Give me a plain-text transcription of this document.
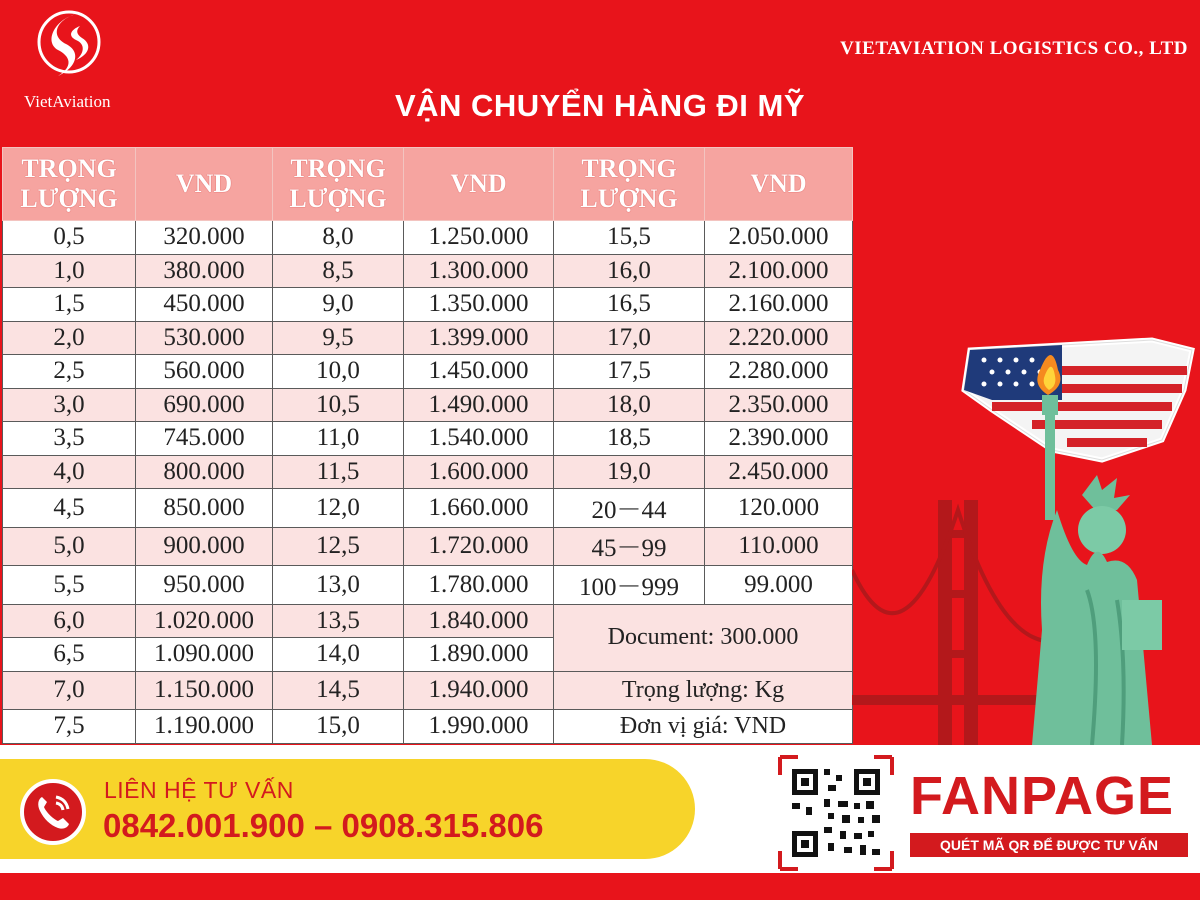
VietAviation
VIETAVIATION LOGISTICS CO., LTD
VẬN CHUYỂN HÀNG ĐI MỸ
TRỌNG LƯỢNG	VND	TRỌNG LƯỢNG	VND	TRỌNG LƯỢNG	VND
0,5	320.000	8,0	1.250.000	15,5	2.050.000
1,0	380.000	8,5	1.300.000	16,0	2.100.000
1,5	450.000	9,0	1.350.000	16,5	2.160.000
2,0	530.000	9,5	1.399.000	17,0	2.220.000
2,5	560.000	10,0	1.450.000	17,5	2.280.000
3,0	690.000	10,5	1.490.000	18,0	2.350.000
3,5	745.000	11,0	1.540.000	18,5	2.390.000
4,0	800.000	11,5	1.600.000	19,0	2.450.000
4,5	850.000	12,0	1.660.000	20－44	120.000
5,0	900.000	12,5	1.720.000	45－99	110.000
5,5	950.000	13,0	1.780.000	100－999	99.000
6,0	1.020.000	13,5	1.840.000	Document: 300.000	
6,5	1.090.000	14,0	1.890.000		
7,0	1.150.000	14,5	1.940.000	Trọng lượng: Kg	
7,5	1.190.000	15,0	1.990.000	Đơn vị giá: VND	
LIÊN HỆ TƯ VẤN
0842.001.900 – 0908.315.806	FANPAGE
QUÉT MÃ QR ĐỂ ĐƯỢC TƯ VẤN
